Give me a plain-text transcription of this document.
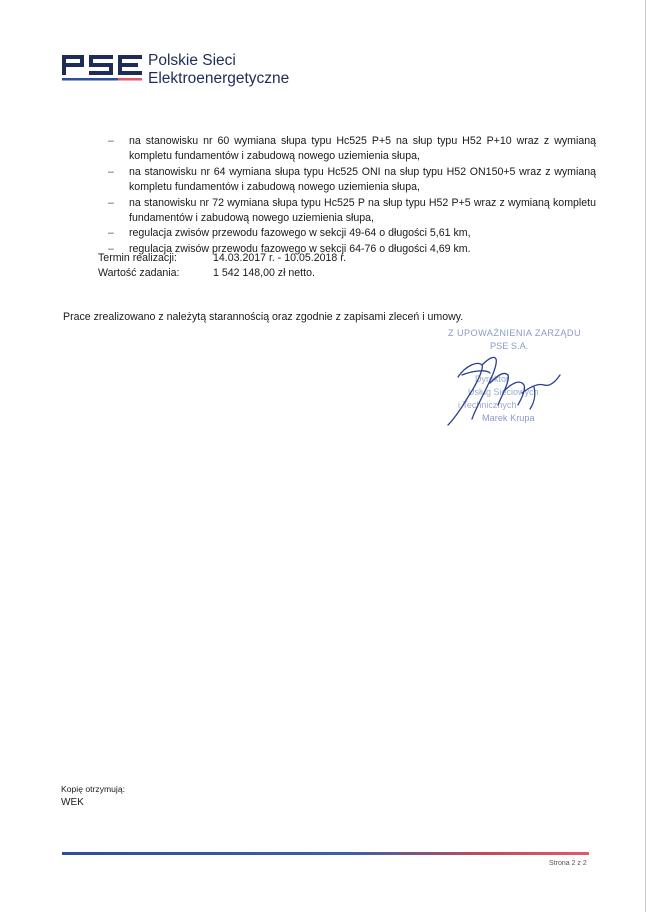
Polskie Sieci
Elektroenergetyczne
– na stanowisku nr 60 wymiana słupa typu Hc525 P+5 na słup typu H52 P+10 wraz z wymianą kompletu fundamentów i zabudową nowego uziemienia słupa,
– na stanowisku nr 64 wymiana słupa typu Hc525 ONI na słup typu H52 ON150+5 wraz z wymianą kompletu fundamentów i zabudową nowego uziemienia słupa,
– na stanowisku nr 72 wymiana słupa typu Hc525 P na słup typu H52 P+5 wraz z wymianą kompletu fundamentów i zabudową nowego uziemienia słupa,
– regulacja zwisów przewodu fazowego w sekcji 49-64 o długości 5,61 km,
– regulacja zwisów przewodu fazowego w sekcji 64-76 o długości 4,69 km.
Termin realizacji:	14.03.2017 r. - 10.05.2018 r.
Wartość zadania:	1 542 148,00 zł netto.
Prace zrealizowano z należytą starannością oraz zgodnie z zapisami zleceń i umowy.
Z UPOWAŻNIENIA ZARZĄDU
PSE S.A.
Dyrektor
Usług Sieciowych
i Technicznych
Marek Krupa
Kopię otrzymują:
WEK
Strona 2 z 2
